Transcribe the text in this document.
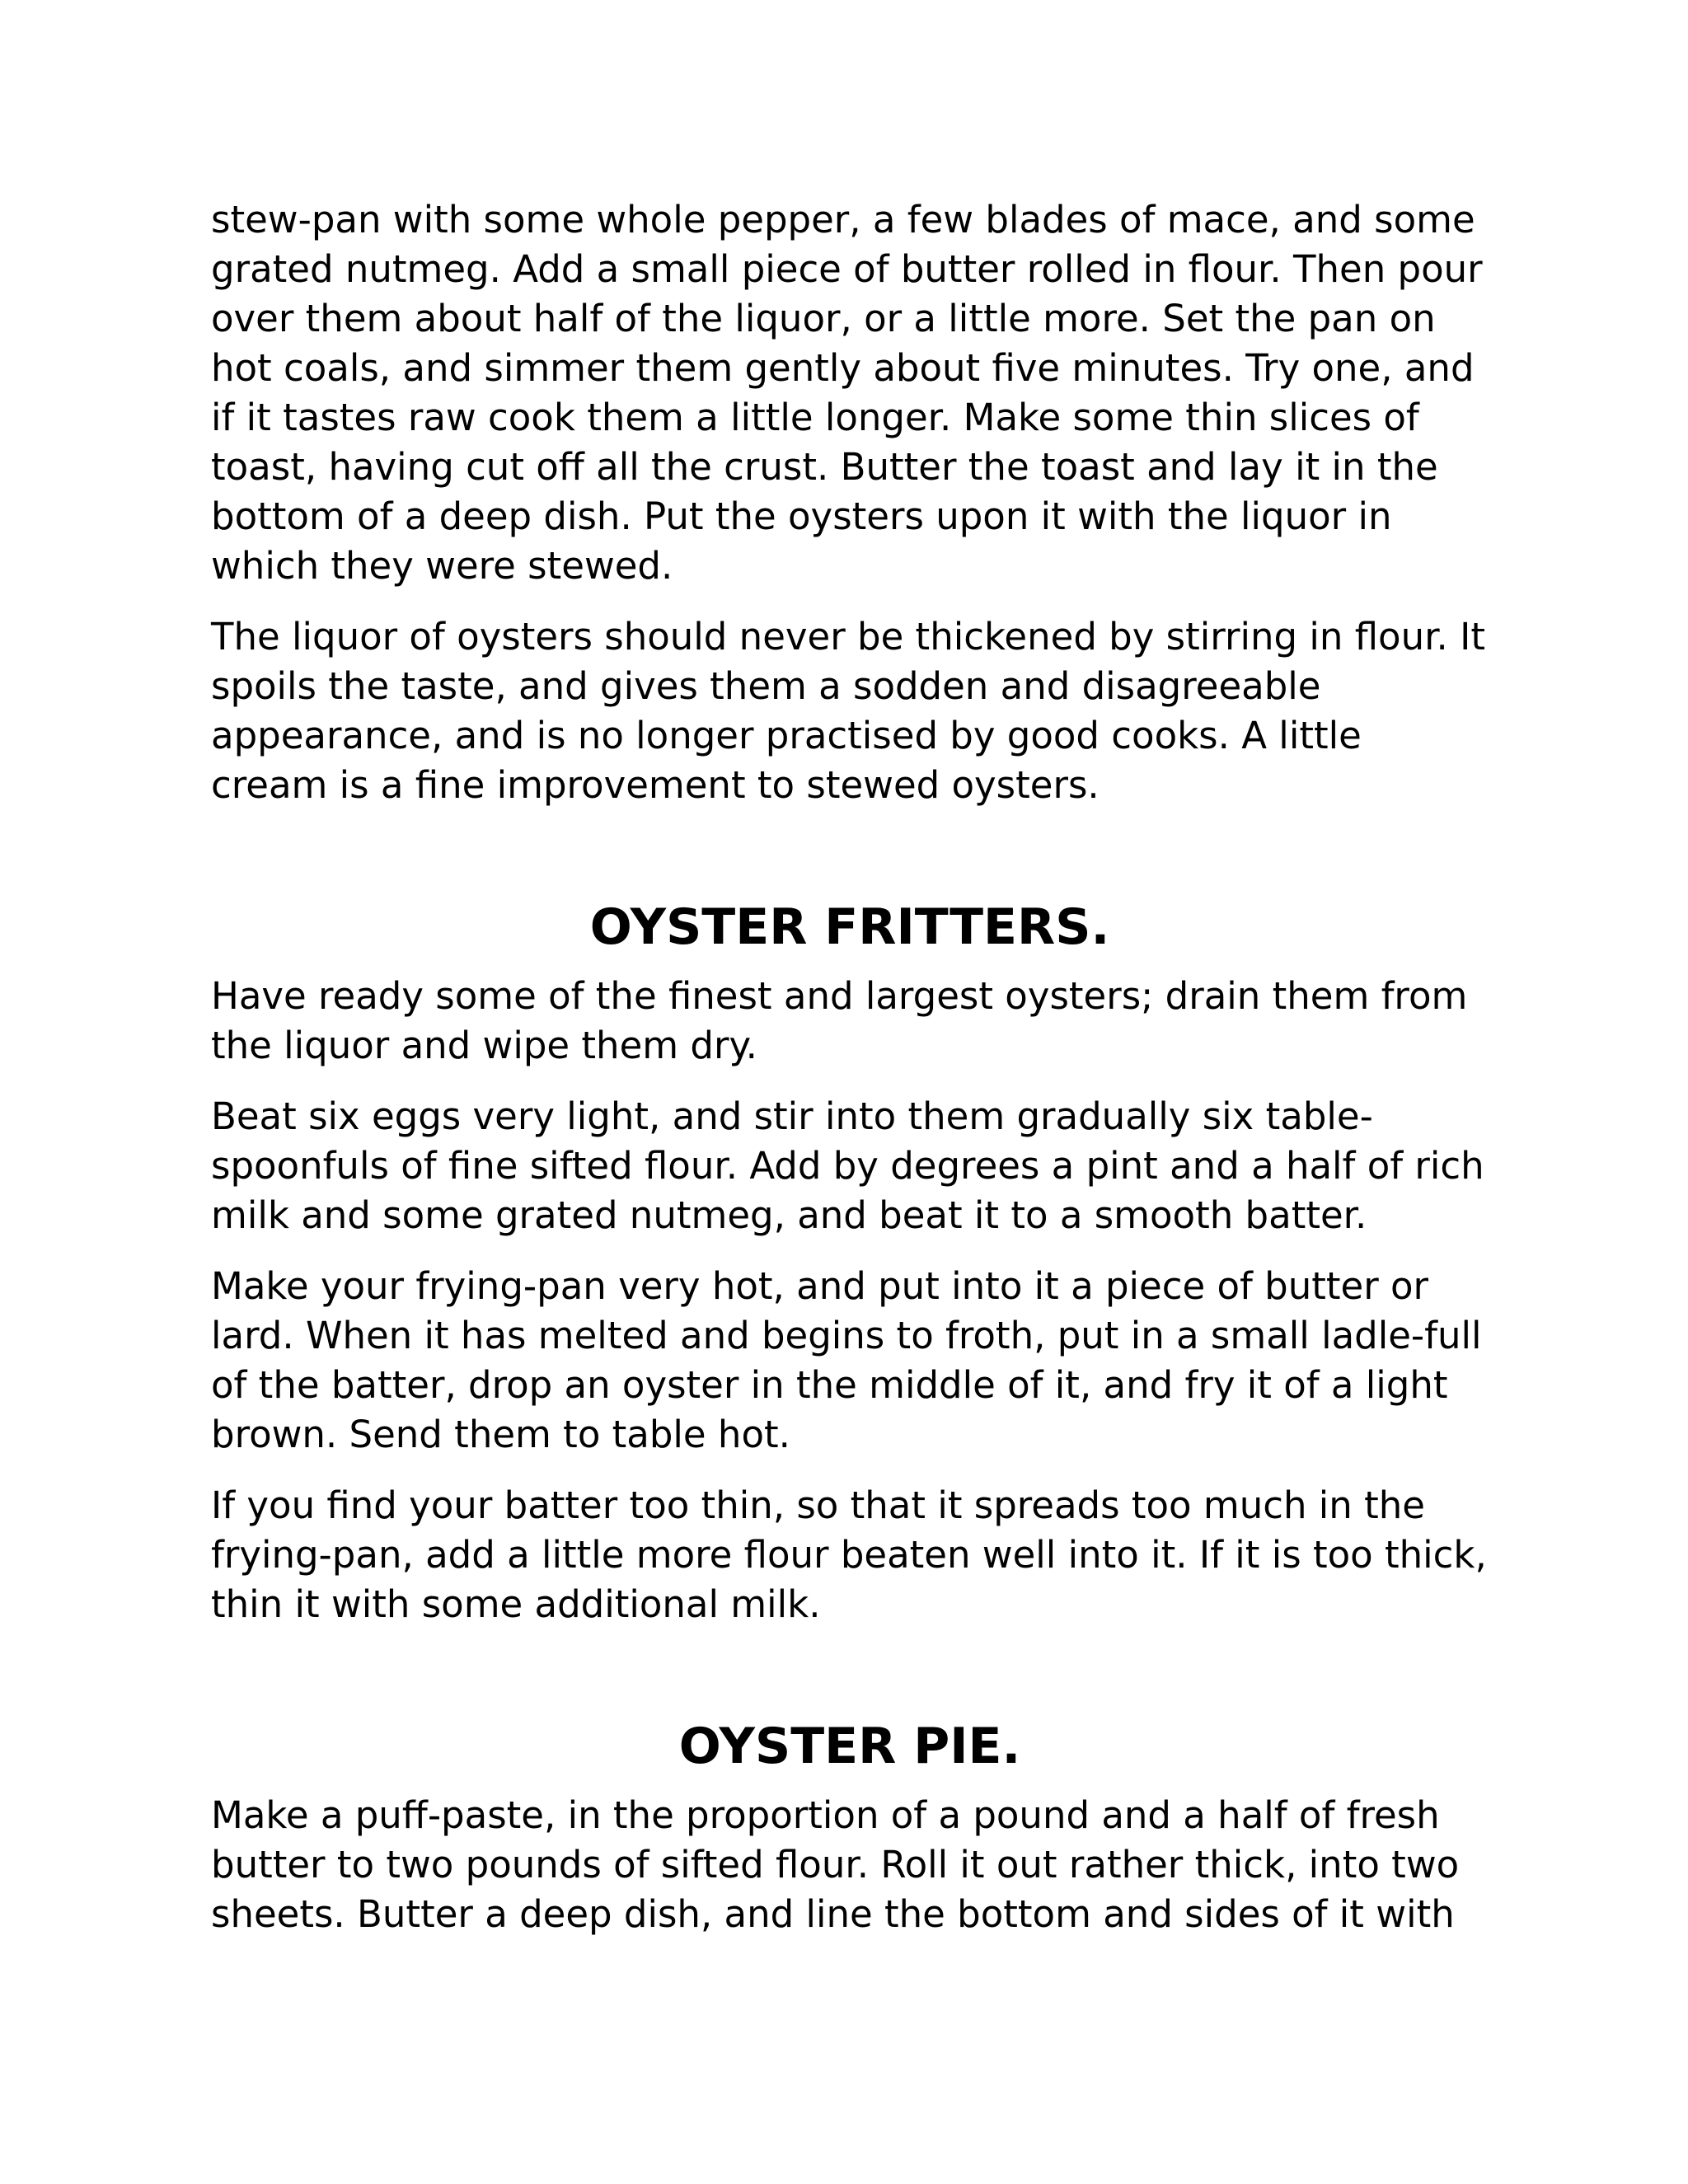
stew-pan with some whole pepper, a few blades of mace, and some grated nutmeg. Add a small piece of butter rolled in flour. Then pour over them about half of the liquor, or a little more. Set the pan on hot coals, and simmer them gently about five minutes. Try one, and if it tastes raw cook them a little longer. Make some thin slices of toast, having cut off all the crust. Butter the toast and lay it in the bottom of a deep dish. Put the oysters upon it with the liquor in which they were stewed.

The liquor of oysters should never be thickened by stirring in flour. It spoils the taste, and gives them a sodden and disagreeable appearance, and is no longer practised by good cooks. A little cream is a fine improvement to stewed oysters.

OYSTER FRITTERS.

Have ready some of the finest and largest oysters; drain them from the liquor and wipe them dry.

Beat six eggs very light, and stir into them gradually six table-spoonfuls of fine sifted flour. Add by degrees a pint and a half of rich milk and some grated nutmeg, and beat it to a smooth batter.

Make your frying-pan very hot, and put into it a piece of butter or lard. When it has melted and begins to froth, put in a small ladle-full of the batter, drop an oyster in the middle of it, and fry it of a light brown. Send them to table hot.

If you find your batter too thin, so that it spreads too much in the frying-pan, add a little more flour beaten well into it. If it is too thick, thin it with some additional milk.

OYSTER PIE.

Make a puff-paste, in the proportion of a pound and a half of fresh butter to two pounds of sifted flour. Roll it out rather thick, into two sheets. Butter a deep dish, and line the bottom and sides of it with
